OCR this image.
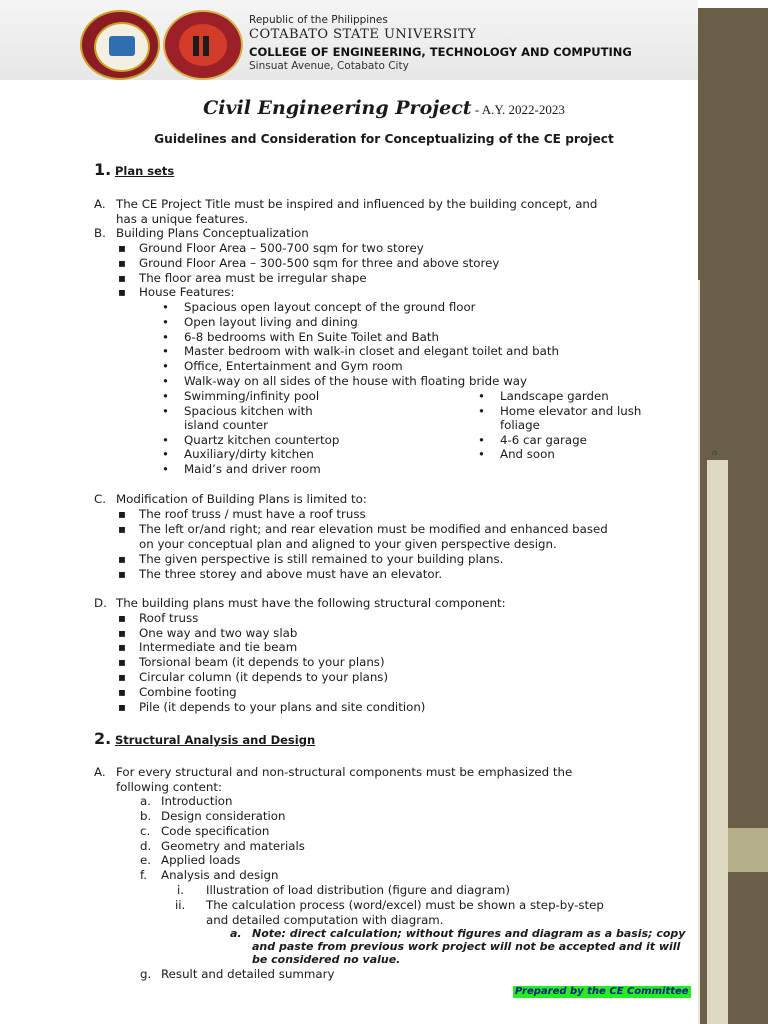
e
Republic of the Philippines
COTABATO STATE UNIVERSITY
COLLEGE OF ENGINEERING, TECHNOLOGY AND COMPUTING
Sinsuat Avenue, Cotabato City
Civil Engineering Project - A.Y. 2022-2023
Guidelines and Consideration for Conceptualizing of the CE project
1. Plan sets
A. The CE Project Title must be inspired and influenced by the building concept, and
has a unique features.
B. Building Plans Conceptualization
▪ Ground Floor Area – 500-700 sqm for two storey
▪ Ground Floor Area – 300-500 sqm for three and above storey
▪ The floor area must be irregular shape
▪ House Features:
• Spacious open layout concept of the ground floor
• Open layout living and dining
• 6-8 bedrooms with En Suite Toilet and Bath
• Master bedroom with walk-in closet and elegant toilet and bath
• Office, Entertainment and Gym room
• Walk-way on all sides of the house with floating bride way
• Swimming/infinity pool
• Spacious kitchen with
island counter
• Quartz kitchen countertop
• Auxiliary/dirty kitchen
• Maid’s and driver room
• Landscape garden
• Home elevator and lush
foliage
• 4-6 car garage
• And soon
C. Modification of Building Plans is limited to:
▪ The roof truss / must have a roof truss
▪ The left or/and right; and rear elevation must be modified and enhanced based
on your conceptual plan and aligned to your given perspective design.
▪ The given perspective is still remained to your building plans.
▪ The three storey and above must have an elevator.
D. The building plans must have the following structural component:
▪ Roof truss
▪ One way and two way slab
▪ Intermediate and tie beam
▪ Torsional beam (it depends to your plans)
▪ Circular column (it depends to your plans)
▪ Combine footing
▪ Pile (it depends to your plans and site condition)
2. Structural Analysis and Design
A. For every structural and non-structural components must be emphasized the
following content:
a. Introduction
b. Design consideration
c. Code specification
d. Geometry and materials
e. Applied loads
f. Analysis and design
i. Illustration of load distribution (figure and diagram)
ii. The calculation process (word/excel) must be shown a step-by-step
and detailed computation with diagram.
a. Note: direct calculation; without figures and diagram as a basis; copy
and paste from previous work project will not be accepted and it will
be considered no value.
g. Result and detailed summary
Prepared by the CE Committee
